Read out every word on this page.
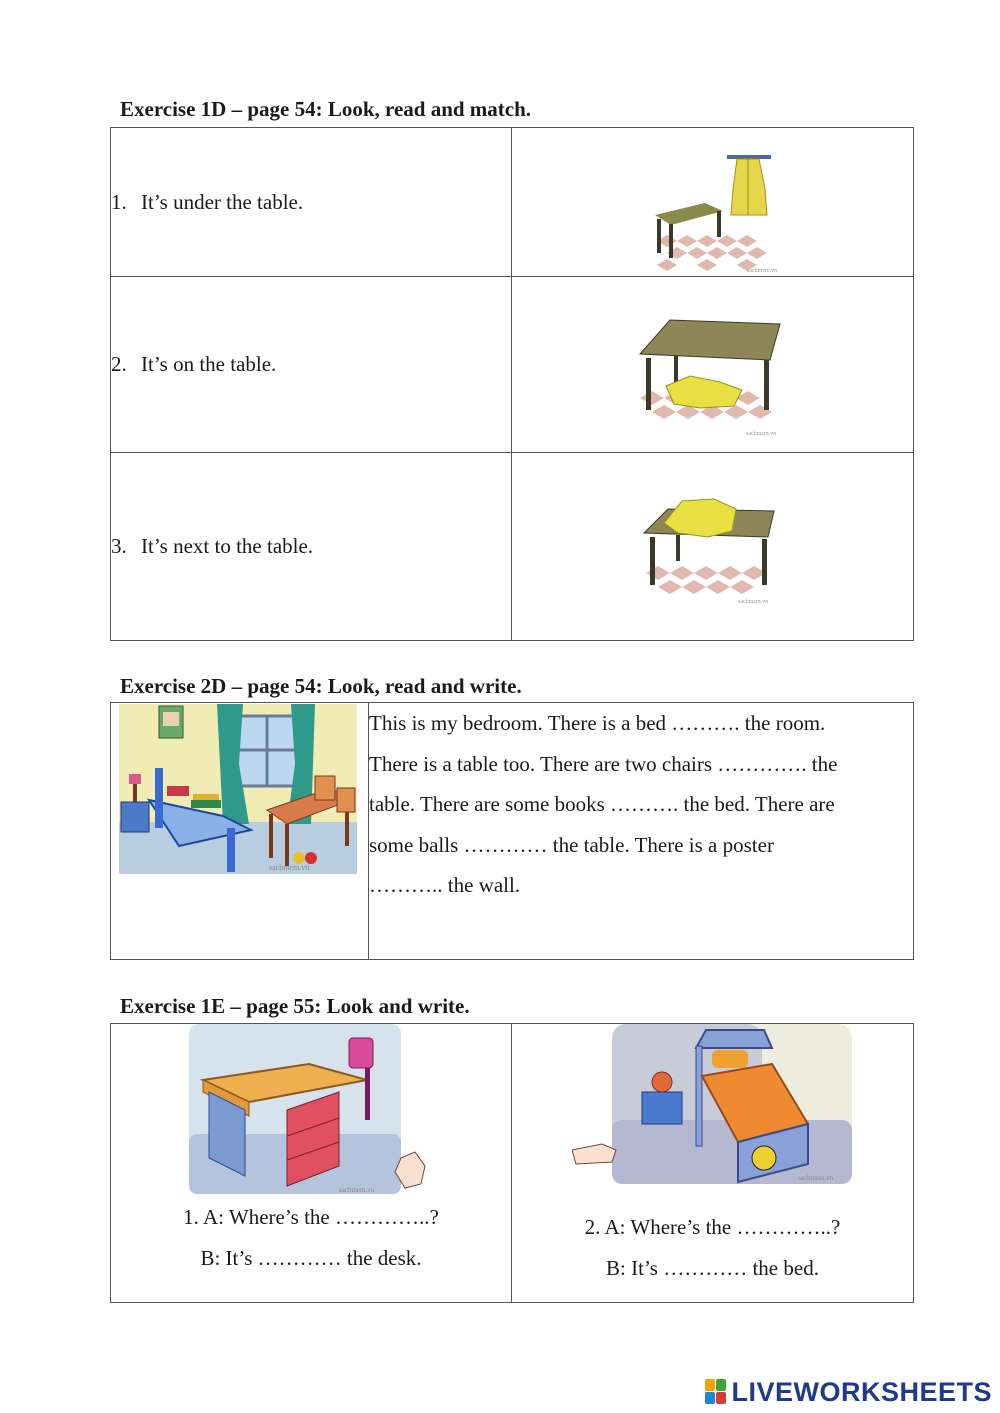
Exercise 1D – page 54: Look, read and match.
1. It’s under the table.	sachmem.vn

2. It’s on the table.	sachmem.vn

3. It’s next to the table.	sachmem.vn
Exercise 2D – page 54: Look, read and write.
sachmem.vn

This is my bedroom. There is a bed ………. the room.
There is a table too. There are two chairs …………. the
table. There are some books ………. the bed. There are
some balls ………… the table. There is a poster
……….. the wall.
Exercise 1E – page 55: Look and write.
sachmem.vn
1. A: Where’s the …………..?
B: It’s ………… the desk.

sachmem.vn
2. A: Where’s the …………..?
B: It’s ………… the bed.
LIVEWORKSHEETS
